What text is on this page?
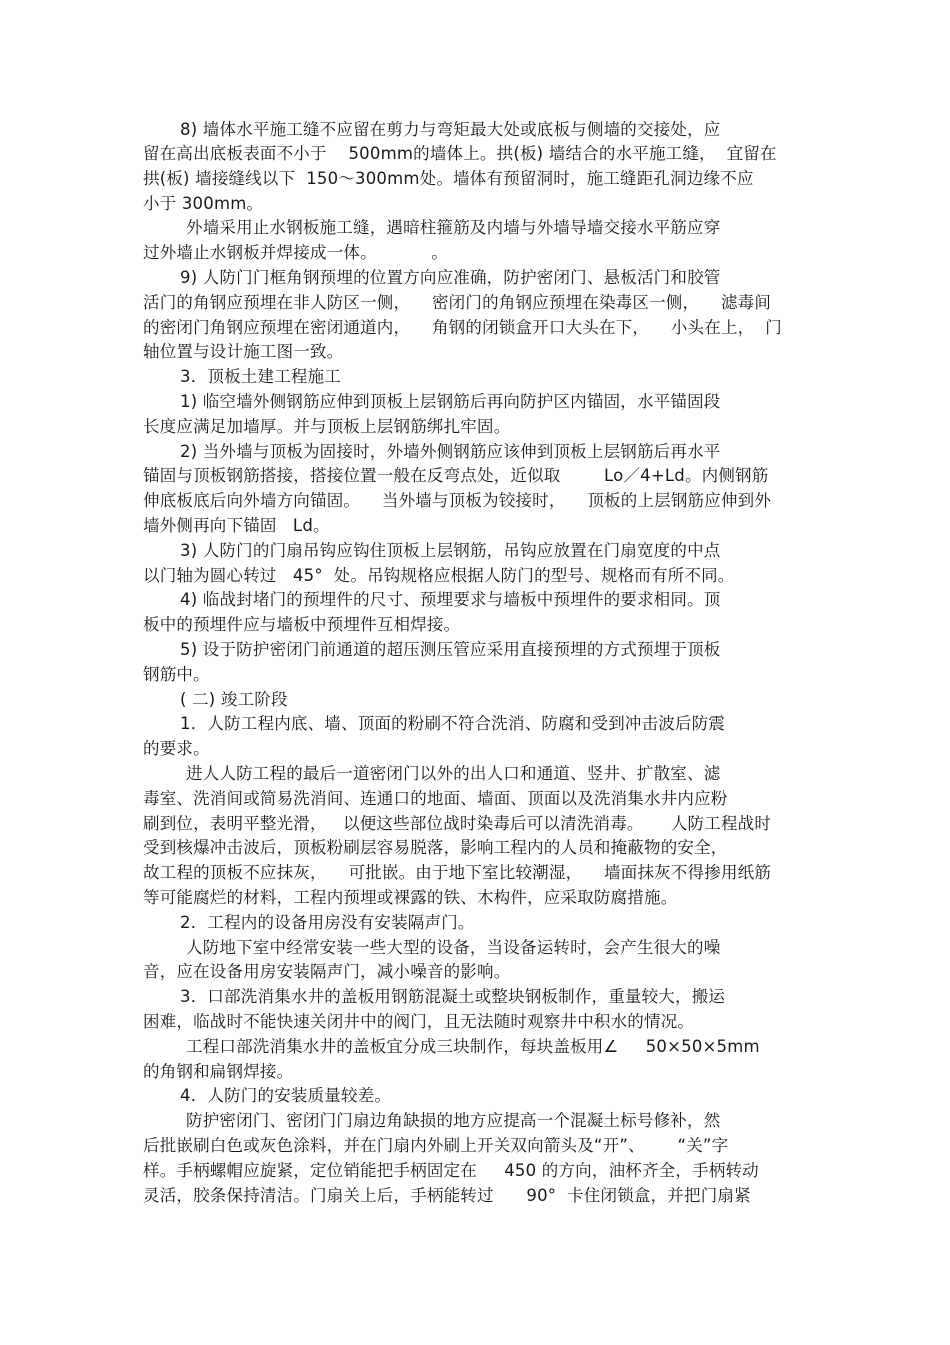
8) 墙体水平施工缝不应留在剪力与弯矩最大处或底板与侧墙的交接处，应
留在高出底板表面不小于    500mm的墙体上。拱(板) 墙结合的水平施工缝，  宜留在
拱(板) 墙接缝线以下  150～300mm处。墙体有预留洞时，施工缝距孔洞边缘不应
小于 300mm。
外墙采用止水钢板施工缝，遇暗柱箍筋及内墙与外墙导墙交接水平筋应穿
过外墙止水钢板并焊接成一体。          。
9) 人防门门框角钢预埋的位置方向应准确，防护密闭门、悬板活门和胶管
活门的角钢应预埋在非人防区一侧，    密闭门的角钢应预埋在染毒区一侧，    滤毒间
的密闭门角钢应预埋在密闭通道内，    角钢的闭锁盒开口大头在下，    小头在上，  门
轴位置与设计施工图一致。
3．顶板土建工程施工
1) 临空墙外侧钢筋应伸到顶板上层钢筋后再向防护区内锚固，水平锚固段
长度应满足加墙厚。并与顶板上层钢筋绑扎牢固。
2) 当外墙与顶板为固接时，外墙外侧钢筋应该伸到顶板上层钢筋后再水平
锚固与顶板钢筋搭接，搭接位置一般在反弯点处，近似取        Lo／4+Ld。内侧钢筋
伸底板底后向外墙方向锚固。    当外墙与顶板为铰接时，    顶板的上层钢筋应伸到外
墙外侧再向下锚固   Ld。
3) 人防门的门扇吊钩应钩住顶板上层钢筋，吊钩应放置在门扇宽度的中点
以门轴为圆心转过   45°  处。吊钩规格应根据人防门的型号、规格而有所不同。
4) 临战封堵门的预埋件的尺寸、预埋要求与墙板中预埋件的要求相同。顶
板中的预埋件应与墙板中预埋件互相焊接。
5) 设于防护密闭门前通道的超压测压管应采用直接预埋的方式预埋于顶板
钢筋中。
( 二) 竣工阶段
1．人防工程内底、墙、顶面的粉刷不符合洗消、防腐和受到冲击波后防震
的要求。
进人人防工程的最后一道密闭门以外的出人口和通道、竖井、扩散室、滤
毒室、洗消间或简易洗消间、连通口的地面、墙面、顶面以及洗消集水井内应粉
刷到位，表明平整光滑，   以便这些部位战时染毒后可以清洗消毒。     人防工程战时
受到核爆冲击波后，顶板粉刷层容易脱落，影响工程内的人员和掩蔽物的安全，
故工程的顶板不应抹灰，    可批嵌。由于地下室比较潮湿，    墙面抹灰不得掺用纸筋
等可能腐烂的材料，工程内预埋或裸露的铁、木构件，应采取防腐措施。
2．工程内的设备用房没有安装隔声门。
人防地下室中经常安装一些大型的设备，当设备运转时，会产生很大的噪
音，应在设备用房安装隔声门，减小噪音的影响。
3．口部洗消集水井的盖板用钢筋混凝土或整块钢板制作，重量较大，搬运
困难，临战时不能快速关闭井中的阀门，且无法随时观察井中积水的情况。
工程口部洗消集水井的盖板宜分成三块制作，每块盖板用∠     50×50×5mm
的角钢和扁钢焊接。
4．人防门的安装质量较差。
防护密闭门、密闭门门扇边角缺损的地方应提高一个混凝土标号修补，然
后批嵌刷白色或灰色涂料，并在门扇内外刷上开关双向箭头及“开”、      “关”字
样。手柄螺帽应旋紧，定位销能把手柄固定在     450 的方向，油杯齐全，手柄转动
灵活，胶条保持清洁。门扇关上后，手柄能转过      90°  卡住闭锁盒，并把门扇紧
